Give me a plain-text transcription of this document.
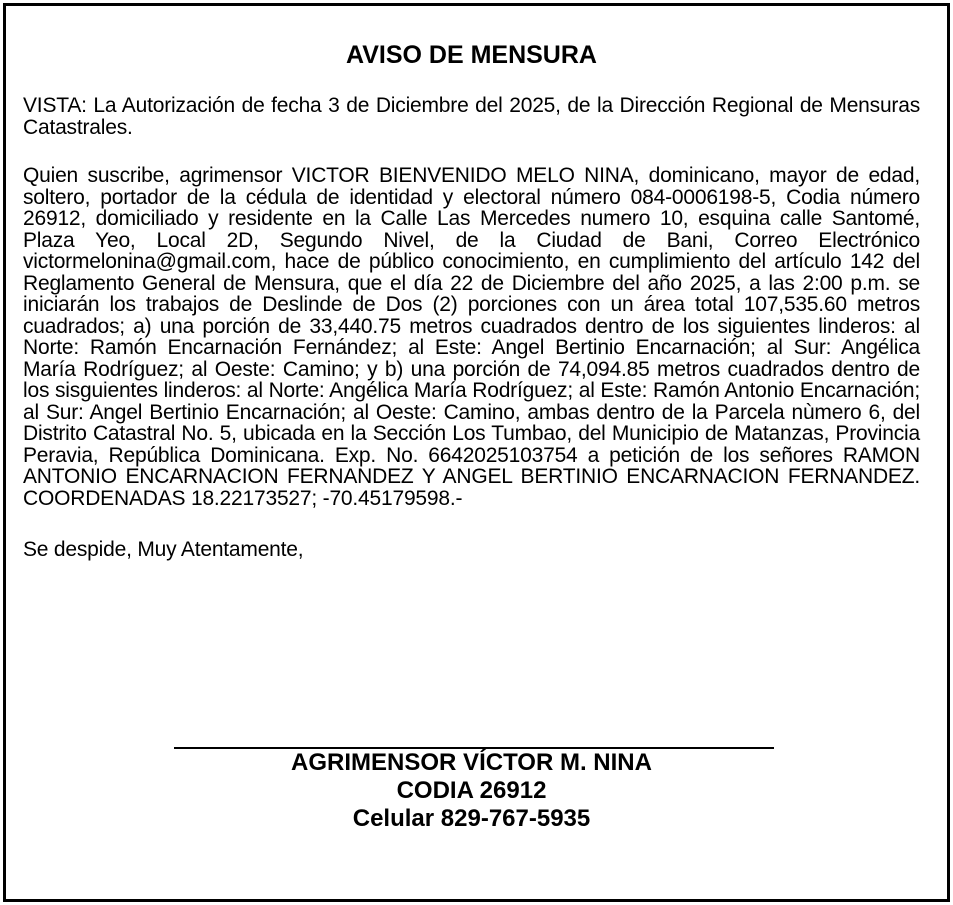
AVISO DE MENSURA

VISTA: La Autorización de fecha 3 de Diciembre del 2025, de la Dirección Regional de Mensuras Catastrales.

Quien suscribe, agrimensor VICTOR BIENVENIDO MELO NINA, dominicano, mayor de edad, soltero, portador de la cédula de identidad y electoral número 084-0006198-5, Codia número 26912, domiciliado y residente en la Calle Las Mercedes numero 10, esquina calle Santomé, Plaza Yeo, Local 2D, Segundo Nivel, de la Ciudad de Bani, Correo Electrónico victormelonina@gmail.com, hace de público conocimiento, en cumplimiento del artículo 142 del Reglamento General de Mensura, que el día 22 de Diciembre del año 2025, a las 2:00 p.m. se iniciarán los trabajos de Deslinde de Dos (2) porciones con un área total 107,535.60 metros cuadrados; a) una porción de 33,440.75 metros cuadrados dentro de los siguientes linderos: al Norte: Ramón Encarnación Fernández; al Este: Angel Bertinio Encarnación; al Sur: Angélica María Rodríguez; al Oeste: Camino; y b) una porción de 74,094.85 metros cuadrados dentro de los sisguientes linderos: al Norte: Angélica María Rodríguez; al Este: Ramón Antonio Encarnación; al Sur: Angel Bertinio Encarnación; al Oeste: Camino, ambas dentro de la Parcela nùmero 6, del Distrito Catastral No. 5, ubicada en la Sección Los Tumbao, del Municipio de Matanzas, Provincia Peravia, República Dominicana. Exp. No. 6642025103754 a petición de los señores RAMON ANTONIO ENCARNACION FERNANDEZ Y ANGEL BERTINIO ENCARNACION FERNANDEZ. COORDENADAS 18.22173527; -70.45179598.-

Se despide, Muy Atentamente,

AGRIMENSOR VÍCTOR M. NINA
CODIA 26912
Celular 829-767-5935
